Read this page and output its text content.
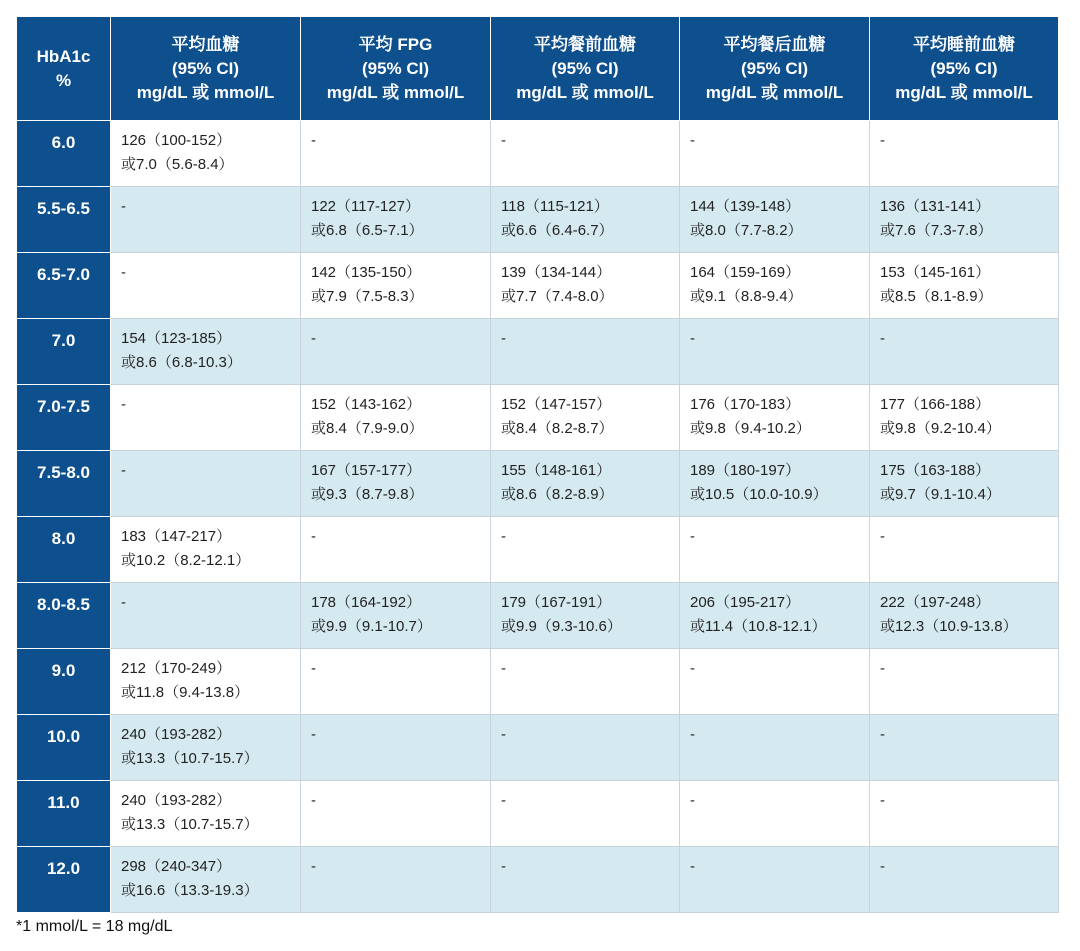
HbA1c
%	平均血糖
(95% CI)
mg/dL 或 mmol/L	平均 FPG
(95% CI)
mg/dL 或 mmol/L	平均餐前血糖
(95% CI)
mg/dL 或 mmol/L	平均餐后血糖
(95% CI)
mg/dL 或 mmol/L	平均睡前血糖
(95% CI)
mg/dL 或 mmol/L

6.0	126（100-152）
或7.0（5.6-8.4）	-	-	-	-

5.5-6.5	-	122（117-127）
或6.8（6.5-7.1）	118（115-121）
或6.6（6.4-6.7）	144（139-148）
或8.0（7.7-8.2）	136（131-141）
或7.6（7.3-7.8）

6.5-7.0	-	142（135-150）
或7.9（7.5-8.3）	139（134-144）
或7.7（7.4-8.0）	164（159-169）
或9.1（8.8-9.4）	153（145-161）
或8.5（8.1-8.9）

7.0	154（123-185）
或8.6（6.8-10.3）	-	-	-	-

7.0-7.5	-	152（143-162）
或8.4（7.9-9.0）	152（147-157）
或8.4（8.2-8.7）	176（170-183）
或9.8（9.4-10.2）	177（166-188）
或9.8（9.2-10.4）

7.5-8.0	-	167（157-177）
或9.3（8.7-9.8）	155（148-161）
或8.6（8.2-8.9）	189（180-197）
或10.5（10.0-10.9）	175（163-188）
或9.7（9.1-10.4）

8.0	183（147-217）
或10.2（8.2-12.1）	-	-	-	-

8.0-8.5	-	178（164-192）
或9.9（9.1-10.7）	179（167-191）
或9.9（9.3-10.6）	206（195-217）
或11.4（10.8-12.1）	222（197-248）
或12.3（10.9-13.8）

9.0	212（170-249）
或11.8（9.4-13.8）	-	-	-	-

10.0	240（193-282）
或13.3（10.7-15.7）	-	-	-	-

11.0	240（193-282）
或13.3（10.7-15.7）	-	-	-	-

12.0	298（240-347）
或16.6（13.3-19.3）	-	-	-	-
*1 mmol/L = 18 mg/dL
